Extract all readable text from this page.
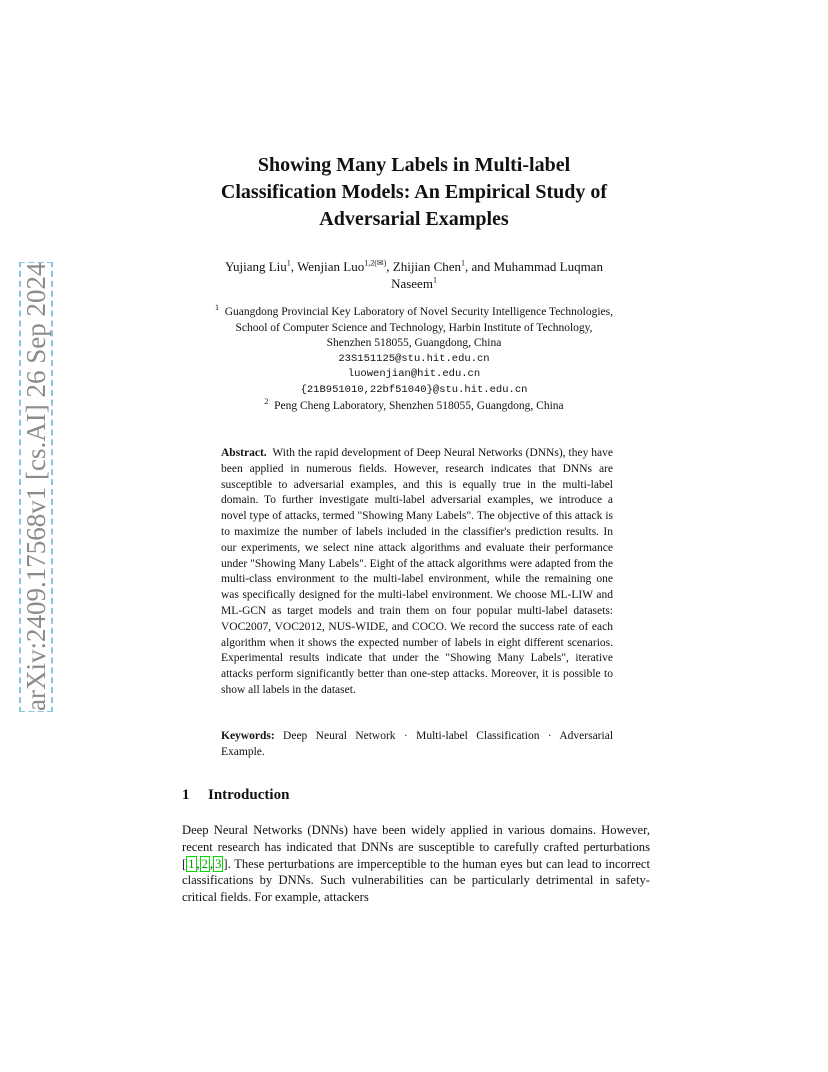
arXiv:2409.17568v1 [cs.AI] 26 Sep 2024
Showing Many Labels in Multi-label
Classification Models: An Empirical Study of
Adversarial Examples
Yujiang Liu$^1$, Wenjian Luo$^{1,2(✉)}$, Zhijian Chen$^1$, and Muhammad Luqman
Naseem$^1$
$^1$ Guangdong Provincial Key Laboratory of Novel Security Intelligence Technologies,
School of Computer Science and Technology, Harbin Institute of Technology,
Shenzhen 518055, Guangdong, China
23S151125@stu.hit.edu.cn
luowenjian@hit.edu.cn
{21B951010,22bf51040}@stu.hit.edu.cn
$^2$ Peng Cheng Laboratory, Shenzhen 518055, Guangdong, China
Abstract. With the rapid development of Deep Neural Networks (DNNs), they have been applied in numerous fields. However, research indicates that DNNs are susceptible to adversarial examples, and this is equally true in the multi-label domain. To further investigate multi-label adversarial examples, we introduce a novel type of attacks, termed "Showing Many Labels". The objective of this attack is to maximize the number of labels included in the classifier's prediction results. In our experiments, we select nine attack algorithms and evaluate their performance under "Showing Many Labels". Eight of the attack algorithms were adapted from the multi-class environment to the multi-label environment, while the remaining one was specifically designed for the multi-label environment. We choose ML-LIW and ML-GCN as target models and train them on four popular multi-label datasets: VOC2007, VOC2012, NUS-WIDE, and COCO. We record the success rate of each algorithm when it shows the expected number of labels in eight different scenarios. Experimental results indicate that under the "Showing Many Labels", iterative attacks perform significantly better than one-step attacks. Moreover, it is possible to show all labels in the dataset.
Keywords: Deep Neural Network · Multi-label Classification · Adversarial Example.
1 Introduction
Deep Neural Networks (DNNs) have been widely applied in various domains. However, recent research has indicated that DNNs are susceptible to carefully crafted perturbations [ 1 , 2 , 3 ]. These perturbations are imperceptible to the human eyes but can lead to incorrect classifications by DNNs. Such vulnerabilities can be particularly detrimental in safety-critical fields. For example, attackers
